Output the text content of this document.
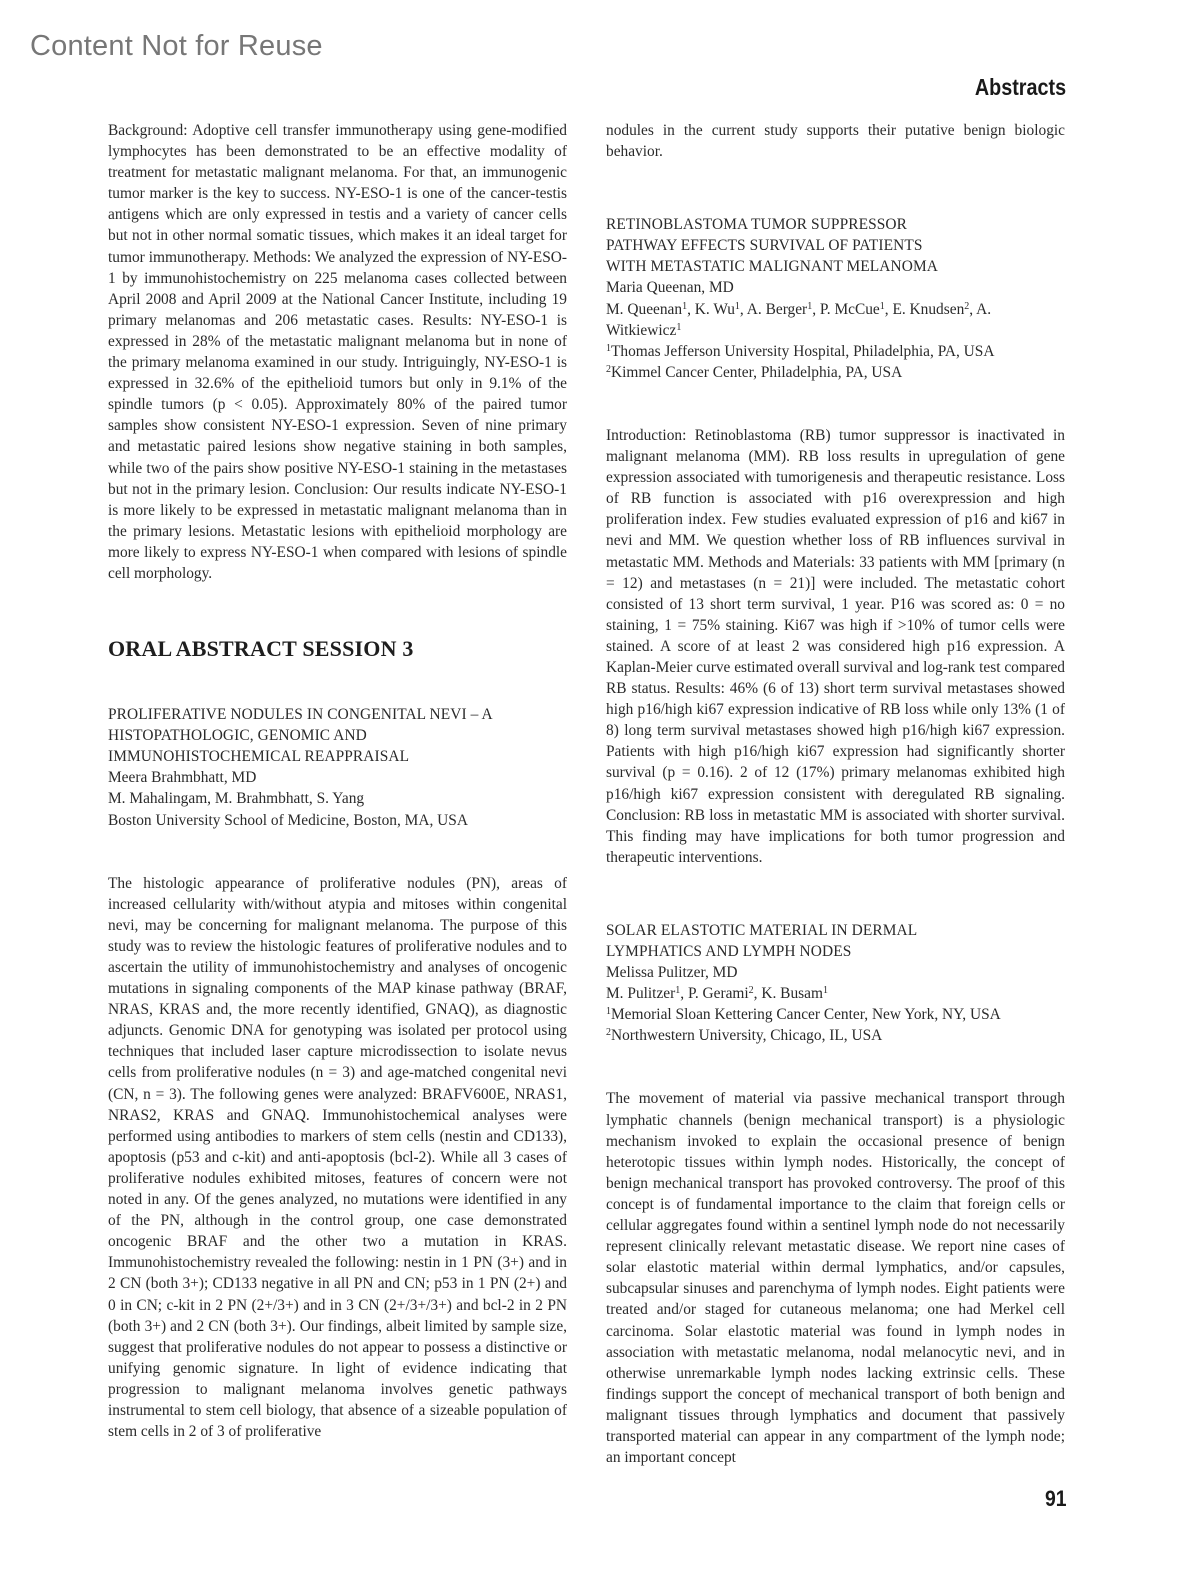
Content Not for Reuse
Abstracts

Background: Adoptive cell transfer immunotherapy using gene-modified lymphocytes has been demonstrated to be an effective modality of treatment for metastatic malignant melanoma. For that, an immunogenic tumor marker is the key to success. NY-ESO-1 is one of the cancer-testis antigens which are only expressed in testis and a variety of cancer cells but not in other normal somatic tissues, which makes it an ideal target for tumor immunotherapy. Methods: We analyzed the expression of NY-ESO-1 by immunohistochemistry on 225 melanoma cases collected between April 2008 and April 2009 at the National Cancer Institute, including 19 primary melanomas and 206 metastatic cases. Results: NY-ESO-1 is expressed in 28% of the metastatic malignant melanoma but in none of the primary melanoma examined in our study. Intriguingly, NY-ESO-1 is expressed in 32.6% of the epithelioid tumors but only in 9.1% of the spindle tumors (p < 0.05). Approximately 80% of the paired tumor samples show consistent NY-ESO-1 expression. Seven of nine primary and metastatic paired lesions show negative staining in both samples, while two of the pairs show positive NY-ESO-1 staining in the metastases but not in the primary lesion. Conclusion: Our results indicate NY-ESO-1 is more likely to be expressed in metastatic malignant melanoma than in the primary lesions. Metastatic lesions with epithelioid morphology are more likely to express NY-ESO-1 when compared with lesions of spindle cell morphology.

ORAL ABSTRACT SESSION 3
PROLIFERATIVE NODULES IN CONGENITAL NEVI – A
HISTOPATHOLOGIC, GENOMIC AND
IMMUNOHISTOCHEMICAL REAPPRAISAL
Meera Brahmbhatt, MD
M. Mahalingam, M. Brahmbhatt, S. Yang
Boston University School of Medicine, Boston, MA, USA

The histologic appearance of proliferative nodules (PN), areas of increased cellularity with/without atypia and mitoses within congenital nevi, may be concerning for malignant melanoma. The purpose of this study was to review the histologic features of proliferative nodules and to ascertain the utility of immunohistochemistry and analyses of oncogenic mutations in signaling components of the MAP kinase pathway (BRAF, NRAS, KRAS and, the more recently identified, GNAQ), as diagnostic adjuncts. Genomic DNA for genotyping was isolated per protocol using techniques that included laser capture microdissection to isolate nevus cells from proliferative nodules (n = 3) and age-matched congenital nevi (CN, n = 3). The following genes were analyzed: BRAFV600E, NRAS1, NRAS2, KRAS and GNAQ. Immunohistochemical analyses were performed using antibodies to markers of stem cells (nestin and CD133), apoptosis (p53 and c-kit) and anti-apoptosis (bcl-2). While all 3 cases of proliferative nodules exhibited mitoses, features of concern were not noted in any. Of the genes analyzed, no mutations were identified in any of the PN, although in the control group, one case demonstrated oncogenic BRAF and the other two a mutation in KRAS. Immunohistochemistry revealed the following: nestin in 1 PN (3+) and in 2 CN (both 3+); CD133 negative in all PN and CN; p53 in 1 PN (2+) and 0 in CN; c-kit in 2 PN (2+/3+) and in 3 CN (2+/3+/3+) and bcl-2 in 2 PN (both 3+) and 2 CN (both 3+). Our findings, albeit limited by sample size, suggest that proliferative nodules do not appear to possess a distinctive or unifying genomic signature. In light of evidence indicating that progression to malignant melanoma involves genetic pathways instrumental to stem cell biology, that absence of a sizeable population of stem cells in 2 of 3 of proliferative

nodules in the current study supports their putative benign biologic behavior.

RETINOBLASTOMA TUMOR SUPPRESSOR
PATHWAY EFFECTS SURVIVAL OF PATIENTS
WITH METASTATIC MALIGNANT MELANOMA
Maria Queenan, MD
M. Queenan$^1$, K. Wu$^1$, A. Berger$^1$, P. McCue$^1$, E. Knudsen$^2$, A. Witkiewicz$^1$
$^1$Thomas Jefferson University Hospital, Philadelphia, PA, USA
$^2$Kimmel Cancer Center, Philadelphia, PA, USA

Introduction: Retinoblastoma (RB) tumor suppressor is inactivated in malignant melanoma (MM). RB loss results in upregulation of gene expression associated with tumorigenesis and therapeutic resistance. Loss of RB function is associated with p16 overexpression and high proliferation index. Few studies evaluated expression of p16 and ki67 in nevi and MM. We question whether loss of RB influences survival in metastatic MM. Methods and Materials: 33 patients with MM [primary (n = 12) and metastases (n = 21)] were included. The metastatic cohort consisted of 13 short term survival, 1 year. P16 was scored as: 0 = no staining, 1 = 75% staining. Ki67 was high if >10% of tumor cells were stained. A score of at least 2 was considered high p16 expression. A Kaplan-Meier curve estimated overall survival and log-rank test compared RB status. Results: 46% (6 of 13) short term survival metastases showed high p16/high ki67 expression indicative of RB loss while only 13% (1 of 8) long term survival metastases showed high p16/high ki67 expression. Patients with high p16/high ki67 expression had significantly shorter survival (p = 0.16). 2 of 12 (17%) primary melanomas exhibited high p16/high ki67 expression consistent with deregulated RB signaling. Conclusion: RB loss in metastatic MM is associated with shorter survival. This finding may have implications for both tumor progression and therapeutic interventions.

SOLAR ELASTOTIC MATERIAL IN DERMAL
LYMPHATICS AND LYMPH NODES
Melissa Pulitzer, MD
M. Pulitzer$^1$, P. Gerami$^2$, K. Busam$^1$
$^1$Memorial Sloan Kettering Cancer Center, New York, NY, USA
$^2$Northwestern University, Chicago, IL, USA

The movement of material via passive mechanical transport through lymphatic channels (benign mechanical transport) is a physiologic mechanism invoked to explain the occasional presence of benign heterotopic tissues within lymph nodes. Historically, the concept of benign mechanical transport has provoked controversy. The proof of this concept is of fundamental importance to the claim that foreign cells or cellular aggregates found within a sentinel lymph node do not necessarily represent clinically relevant metastatic disease. We report nine cases of solar elastotic material within dermal lymphatics, and/or capsules, subcapsular sinuses and parenchyma of lymph nodes. Eight patients were treated and/or staged for cutaneous melanoma; one had Merkel cell carcinoma. Solar elastotic material was found in lymph nodes in association with metastatic melanoma, nodal melanocytic nevi, and in otherwise unremarkable lymph nodes lacking extrinsic cells. These findings support the concept of mechanical transport of both benign and malignant tissues through lymphatics and document that passively transported material can appear in any compartment of the lymph node; an important concept

91
